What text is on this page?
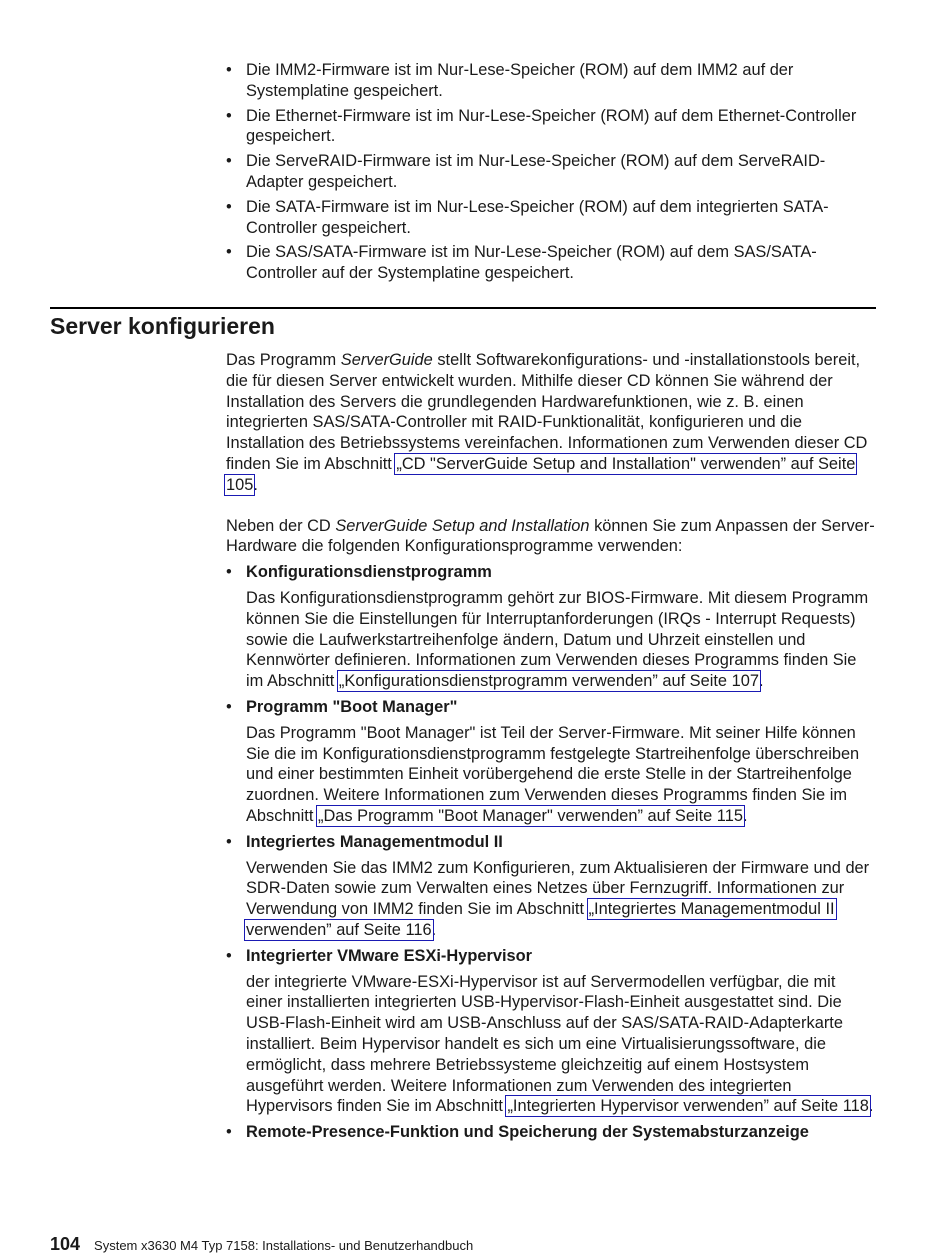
• Die IMM2-Firmware ist im Nur-Lese-Speicher (ROM) auf dem IMM2 auf der Systemplatine gespeichert.
• Die Ethernet-Firmware ist im Nur-Lese-Speicher (ROM) auf dem Ethernet-Controller gespeichert.
• Die ServeRAID-Firmware ist im Nur-Lese-Speicher (ROM) auf dem ServeRAID-Adapter gespeichert.
• Die SATA-Firmware ist im Nur-Lese-Speicher (ROM) auf dem integrierten SATA-Controller gespeichert.
• Die SAS/SATA-Firmware ist im Nur-Lese-Speicher (ROM) auf dem SAS/SATA-Controller auf der Systemplatine gespeichert.
Server konfigurieren

Das Programm ServerGuide stellt Softwarekonfigurations- und -installationstools bereit, die für diesen Server entwickelt wurden. Mithilfe dieser CD können Sie während der Installation des Servers die grundlegenden Hardwarefunktionen, wie z. B. einen integrierten SAS/SATA-Controller mit RAID-Funktionalität, konfigurieren und die Installation des Betriebssystems vereinfachen. Informationen zum Verwenden dieser CD finden Sie im Abschnitt „CD "ServerGuide Setup and Installation" verwenden” auf Seite 105.

Neben der CD ServerGuide Setup and Installation können Sie zum Anpassen der Server-Hardware die folgenden Konfigurationsprogramme verwenden:

• Konfigurationsdienstprogramm
Das Konfigurationsdienstprogramm gehört zur BIOS-Firmware. Mit diesem Programm können Sie die Einstellungen für Interruptanforderungen (IRQs - Interrupt Requests) sowie die Laufwerkstartreihenfolge ändern, Datum und Uhrzeit einstellen und Kennwörter definieren. Informationen zum Verwenden dieses Programms finden Sie im Abschnitt „Konfigurationsdienstprogramm verwenden” auf Seite 107.
• Programm "Boot Manager"
Das Programm "Boot Manager" ist Teil der Server-Firmware. Mit seiner Hilfe können Sie die im Konfigurationsdienstprogramm festgelegte Startreihenfolge überschreiben und einer bestimmten Einheit vorübergehend die erste Stelle in der Startreihenfolge zuordnen. Weitere Informationen zum Verwenden dieses Programms finden Sie im Abschnitt „Das Programm "Boot Manager" verwenden” auf Seite 115.
• Integriertes Managementmodul II
Verwenden Sie das IMM2 zum Konfigurieren, zum Aktualisieren der Firmware und der SDR-Daten sowie zum Verwalten eines Netzes über Fernzugriff. Informationen zur Verwendung von IMM2 finden Sie im Abschnitt „Integriertes Managementmodul II verwenden” auf Seite 116.
• Integrierter VMware ESXi-Hypervisor
der integrierte VMware-ESXi-Hypervisor ist auf Servermodellen verfügbar, die mit einer installierten integrierten USB-Hypervisor-Flash-Einheit ausgestattet sind. Die USB-Flash-Einheit wird am USB-Anschluss auf der SAS/SATA-RAID-Adapterkarte installiert. Beim Hypervisor handelt es sich um eine Virtualisierungssoftware, die ermöglicht, dass mehrere Betriebssysteme gleichzeitig auf einem Hostsystem ausgeführt werden. Weitere Informationen zum Verwenden des integrierten Hypervisors finden Sie im Abschnitt „Integrierten Hypervisor verwenden” auf Seite 118.
• Remote-Presence-Funktion und Speicherung der Systemabsturzanzeige
104 System x3630 M4 Typ 7158: Installations- und Benutzerhandbuch
